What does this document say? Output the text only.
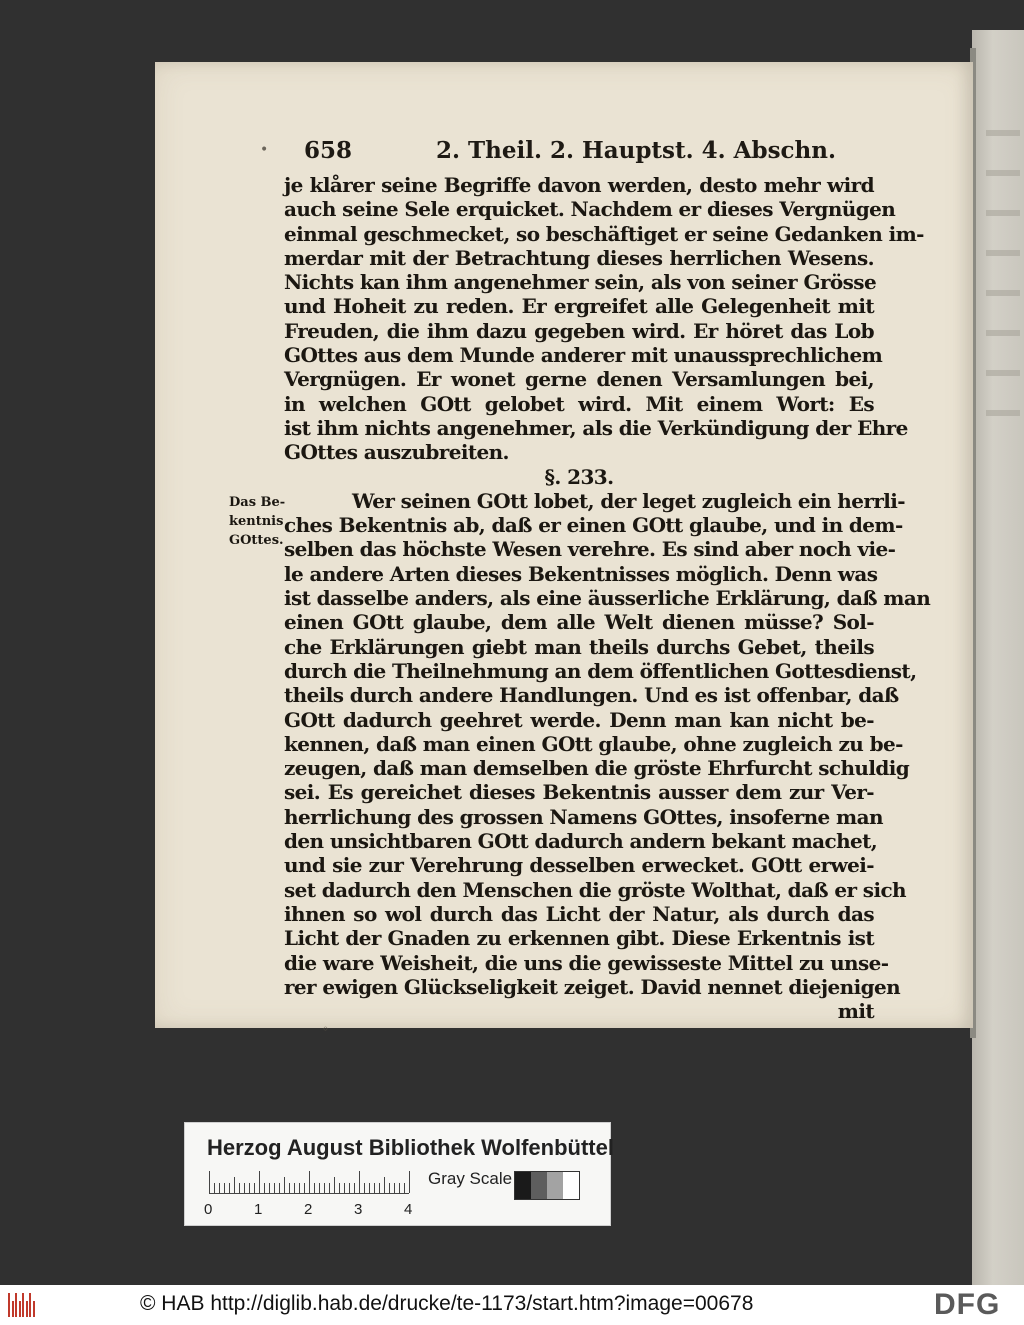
• 658	2. Theil. 2. Hauptst. 4. Abschn.
je klårer seine Begriffe davon werden, desto mehr wird
auch seine Sele erquicket. Nachdem er dieses Vergnügen
einmal geschmecket, so beschäftiget er seine Gedanken im-
merdar mit der Betrachtung dieses herrlichen Wesens.
Nichts kan ihm angenehmer sein, als von seiner Grösse
und Hoheit zu reden. Er ergreifet alle Gelegenheit mit
Freuden, die ihm dazu gegeben wird. Er höret das Lob
GOttes aus dem Munde anderer mit unaussprechlichem
Vergnügen. Er wonet gerne denen Versamlungen bei,
in welchen GOtt gelobet wird. Mit einem Wort: Es
ist ihm nichts angenehmer, als die Verkündigung der Ehre
GOttes auszubreiten.
§. 233.
Wer seinen GOtt lobet, der leget zugleich ein herrli-
ches Bekentnis ab, daß er einen GOtt glaube, und in dem-
selben das höchste Wesen verehre. Es sind aber noch vie-
le andere Arten dieses Bekentnisses möglich. Denn was
ist dasselbe anders, als eine äusserliche Erklärung, daß man
einen GOtt glaube, dem alle Welt dienen müsse? Sol-
che Erklärungen giebt man theils durchs Gebet, theils
durch die Theilnehmung an dem öffentlichen Gottesdienst,
theils durch andere Handlungen. Und es ist offenbar, daß
GOtt dadurch geehret werde. Denn man kan nicht be-
kennen, daß man einen GOtt glaube, ohne zugleich zu be-
zeugen, daß man demselben die gröste Ehrfurcht schuldig
sei. Es gereichet dieses Bekentnis ausser dem zur Ver-
herrlichung des grossen Namens GOttes, insoferne man
den unsichtbaren GOtt dadurch andern bekant machet,
und sie zur Verehrung desselben erwecket. GOtt erwei-
set dadurch den Menschen die gröste Wolthat, daß er sich
ihnen so wol durch das Licht der Natur, als durch das
Licht der Gnaden zu erkennen gibt. Diese Erkentnis ist
die ware Weisheit, die uns die gewisseste Mittel zu unse-
rer ewigen Glückseligkeit zeiget. David nennet diejenigen
mit
Das Be-
kentnis
GOttes.
◦
Herzog August Bibliothek Wolfenbüttel
0	1	2	3	4
Gray Scale
© HAB http://diglib.hab.de/drucke/te-1173/start.htm?image=00678	DFG
